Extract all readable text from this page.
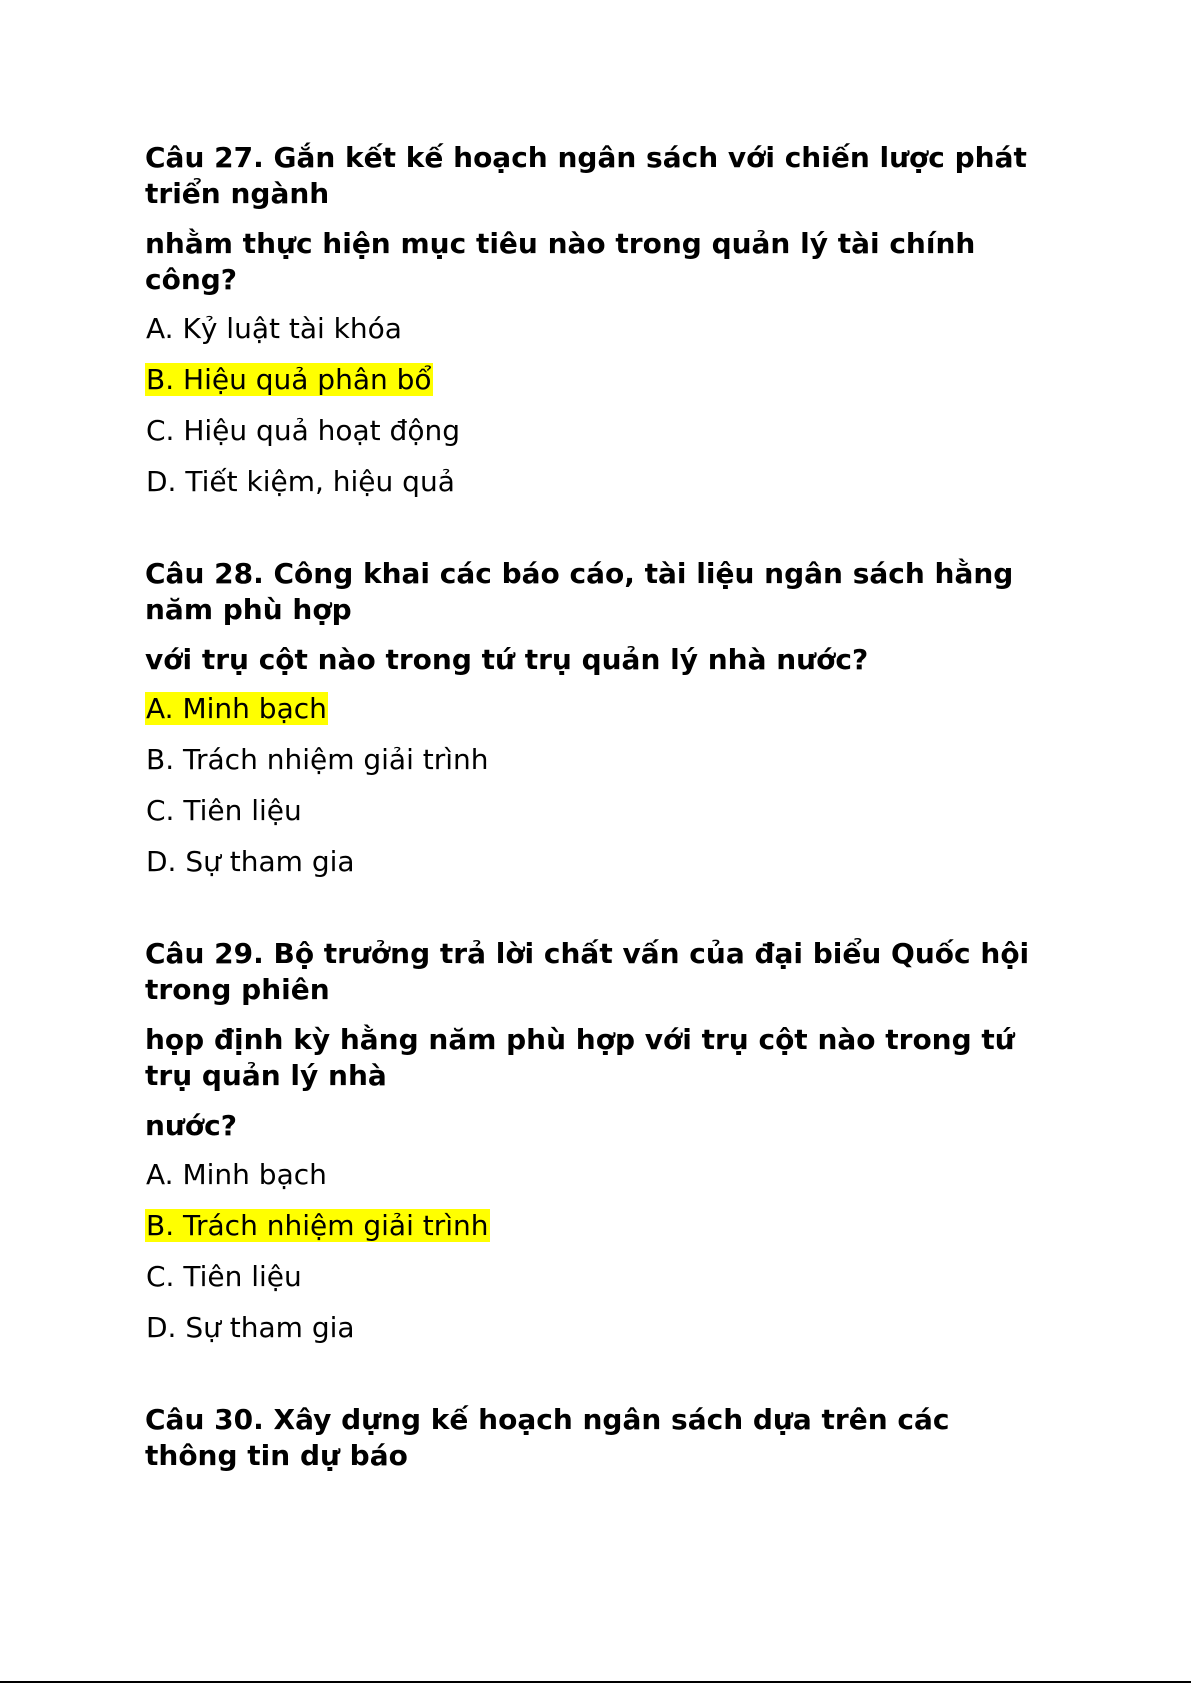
Câu 27. Gắn kết kế hoạch ngân sách với chiến lược phát triển ngành

nhằm thực hiện mục tiêu nào trong quản lý tài chính công?

A. Kỷ luật tài khóa

B. Hiệu quả phân bổ

C. Hiệu quả hoạt động

D. Tiết kiệm, hiệu quả

Câu 28. Công khai các báo cáo, tài liệu ngân sách hằng năm phù hợp

với trụ cột nào trong tứ trụ quản lý nhà nước?

A. Minh bạch

B. Trách nhiệm giải trình

C. Tiên liệu

D. Sự tham gia

Câu 29. Bộ trưởng trả lời chất vấn của đại biểu Quốc hội trong phiên

họp định kỳ hằng năm phù hợp với trụ cột nào trong tứ trụ quản lý nhà

nước?

A. Minh bạch

B. Trách nhiệm giải trình

C. Tiên liệu

D. Sự tham gia

Câu 30. Xây dựng kế hoạch ngân sách dựa trên các thông tin dự báo
